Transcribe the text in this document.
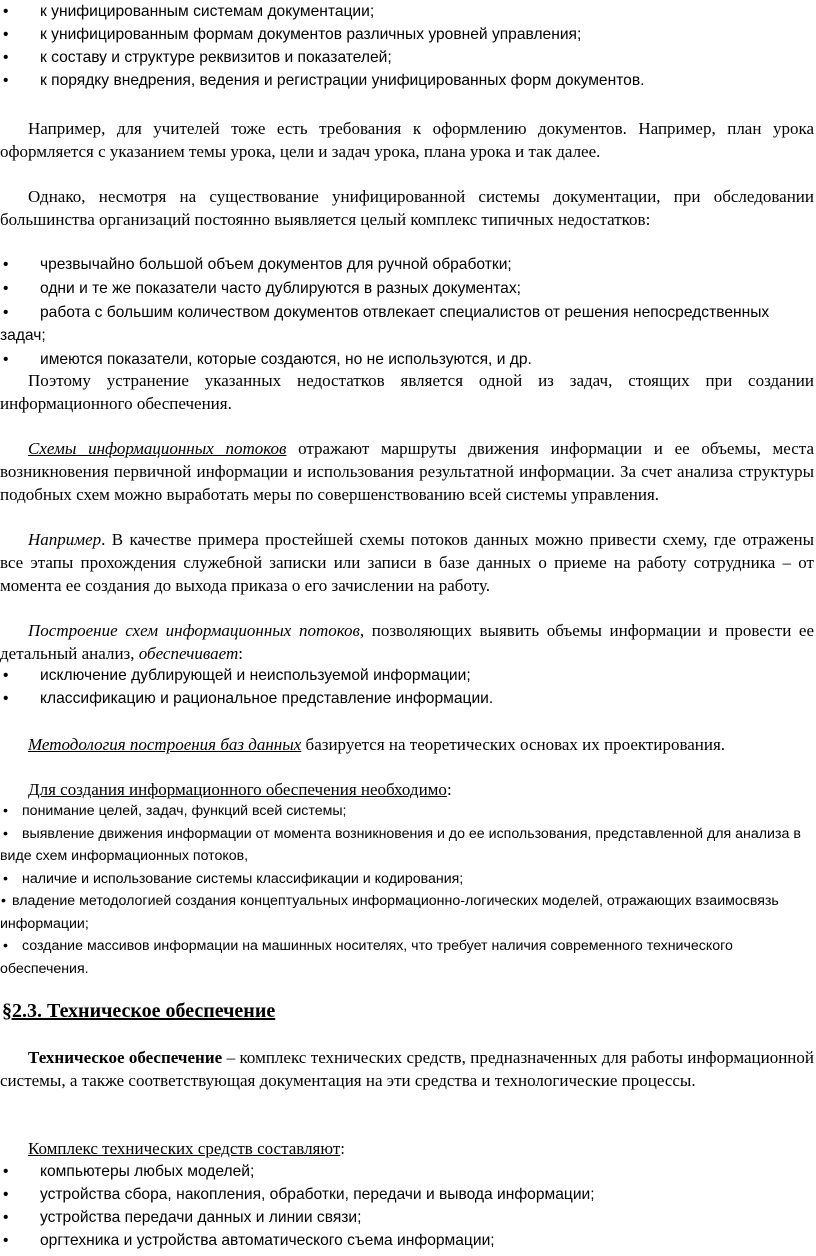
• к унифицированным системам документации;
• к унифицированным формам документов различных уровней управления;
• к составу и структуре реквизитов и показателей;
• к порядку внедрения, ведения и регистрации унифицированных форм документов.

Например, для учителей тоже есть требования к оформлению документов. Например, план урока оформляется с указанием темы урока, цели и задач урока, плана урока и так далее.

Однако, несмотря на существование унифицированной системы документации, при обследовании большинства организаций постоянно выявляется целый комплекс типичных недостатков:

• чрезвычайно большой объем документов для ручной обработки;
• одни и те же показатели часто дублируются в разных документах;
• работа с большим количеством документов отвлекает специалистов от решения непосредственных задач;
• имеются показатели, которые создаются, но не используются, и др.

Поэтому устранение указанных недостатков является одной из задач, стоящих при создании информационного обеспечения.

Схемы информационных потоков отражают маршруты движения информации и ее объемы, места возникновения первичной информации и использования результатной информации. За счет анализа структуры подобных схем можно выработать меры по совершенствованию всей системы управления.

Например. В качестве примера простейшей схемы потоков данных можно привести схему, где отражены все этапы прохождения служебной записки или записи в базе данных о приеме на работу сотрудника – от момента ее создания до выхода приказа о его зачислении на работу.

Построение схем информационных потоков, позволяющих выявить объемы информации и провести ее детальный анализ, обеспечивает:

• исключение дублирующей и неиспользуемой информации;
• классификацию и рациональное представление информации.

Методология построения баз данных базируется на теоретических основах их проектирования.

Для создания информационного обеспечения необходимо:

• понимание целей, задач, функций всей системы;
• выявление движения информации от момента возникновения и до ее использования, представленной для анализа в виде схем информационных потоков,
• наличие и использование системы классификации и кодирования;
• владение методологией создания концептуальных информационно-логических моделей, отражающих взаимосвязь информации;
• создание массивов информации на машинных носителях, что требует наличия современного технического обеспечения.
§2.3. Техническое обеспечение

Техническое обеспечение – комплекс технических средств, предназначенных для работы информационной системы, а также соответствующая документация на эти средства и технологические процессы.

Комплекс технических средств составляют:

• компьютеры любых моделей;
• устройства сбора, накопления, обработки, передачи и вывода информации;
• устройства передачи данных и линии связи;
• оргтехника и устройства автоматического съема информации;
